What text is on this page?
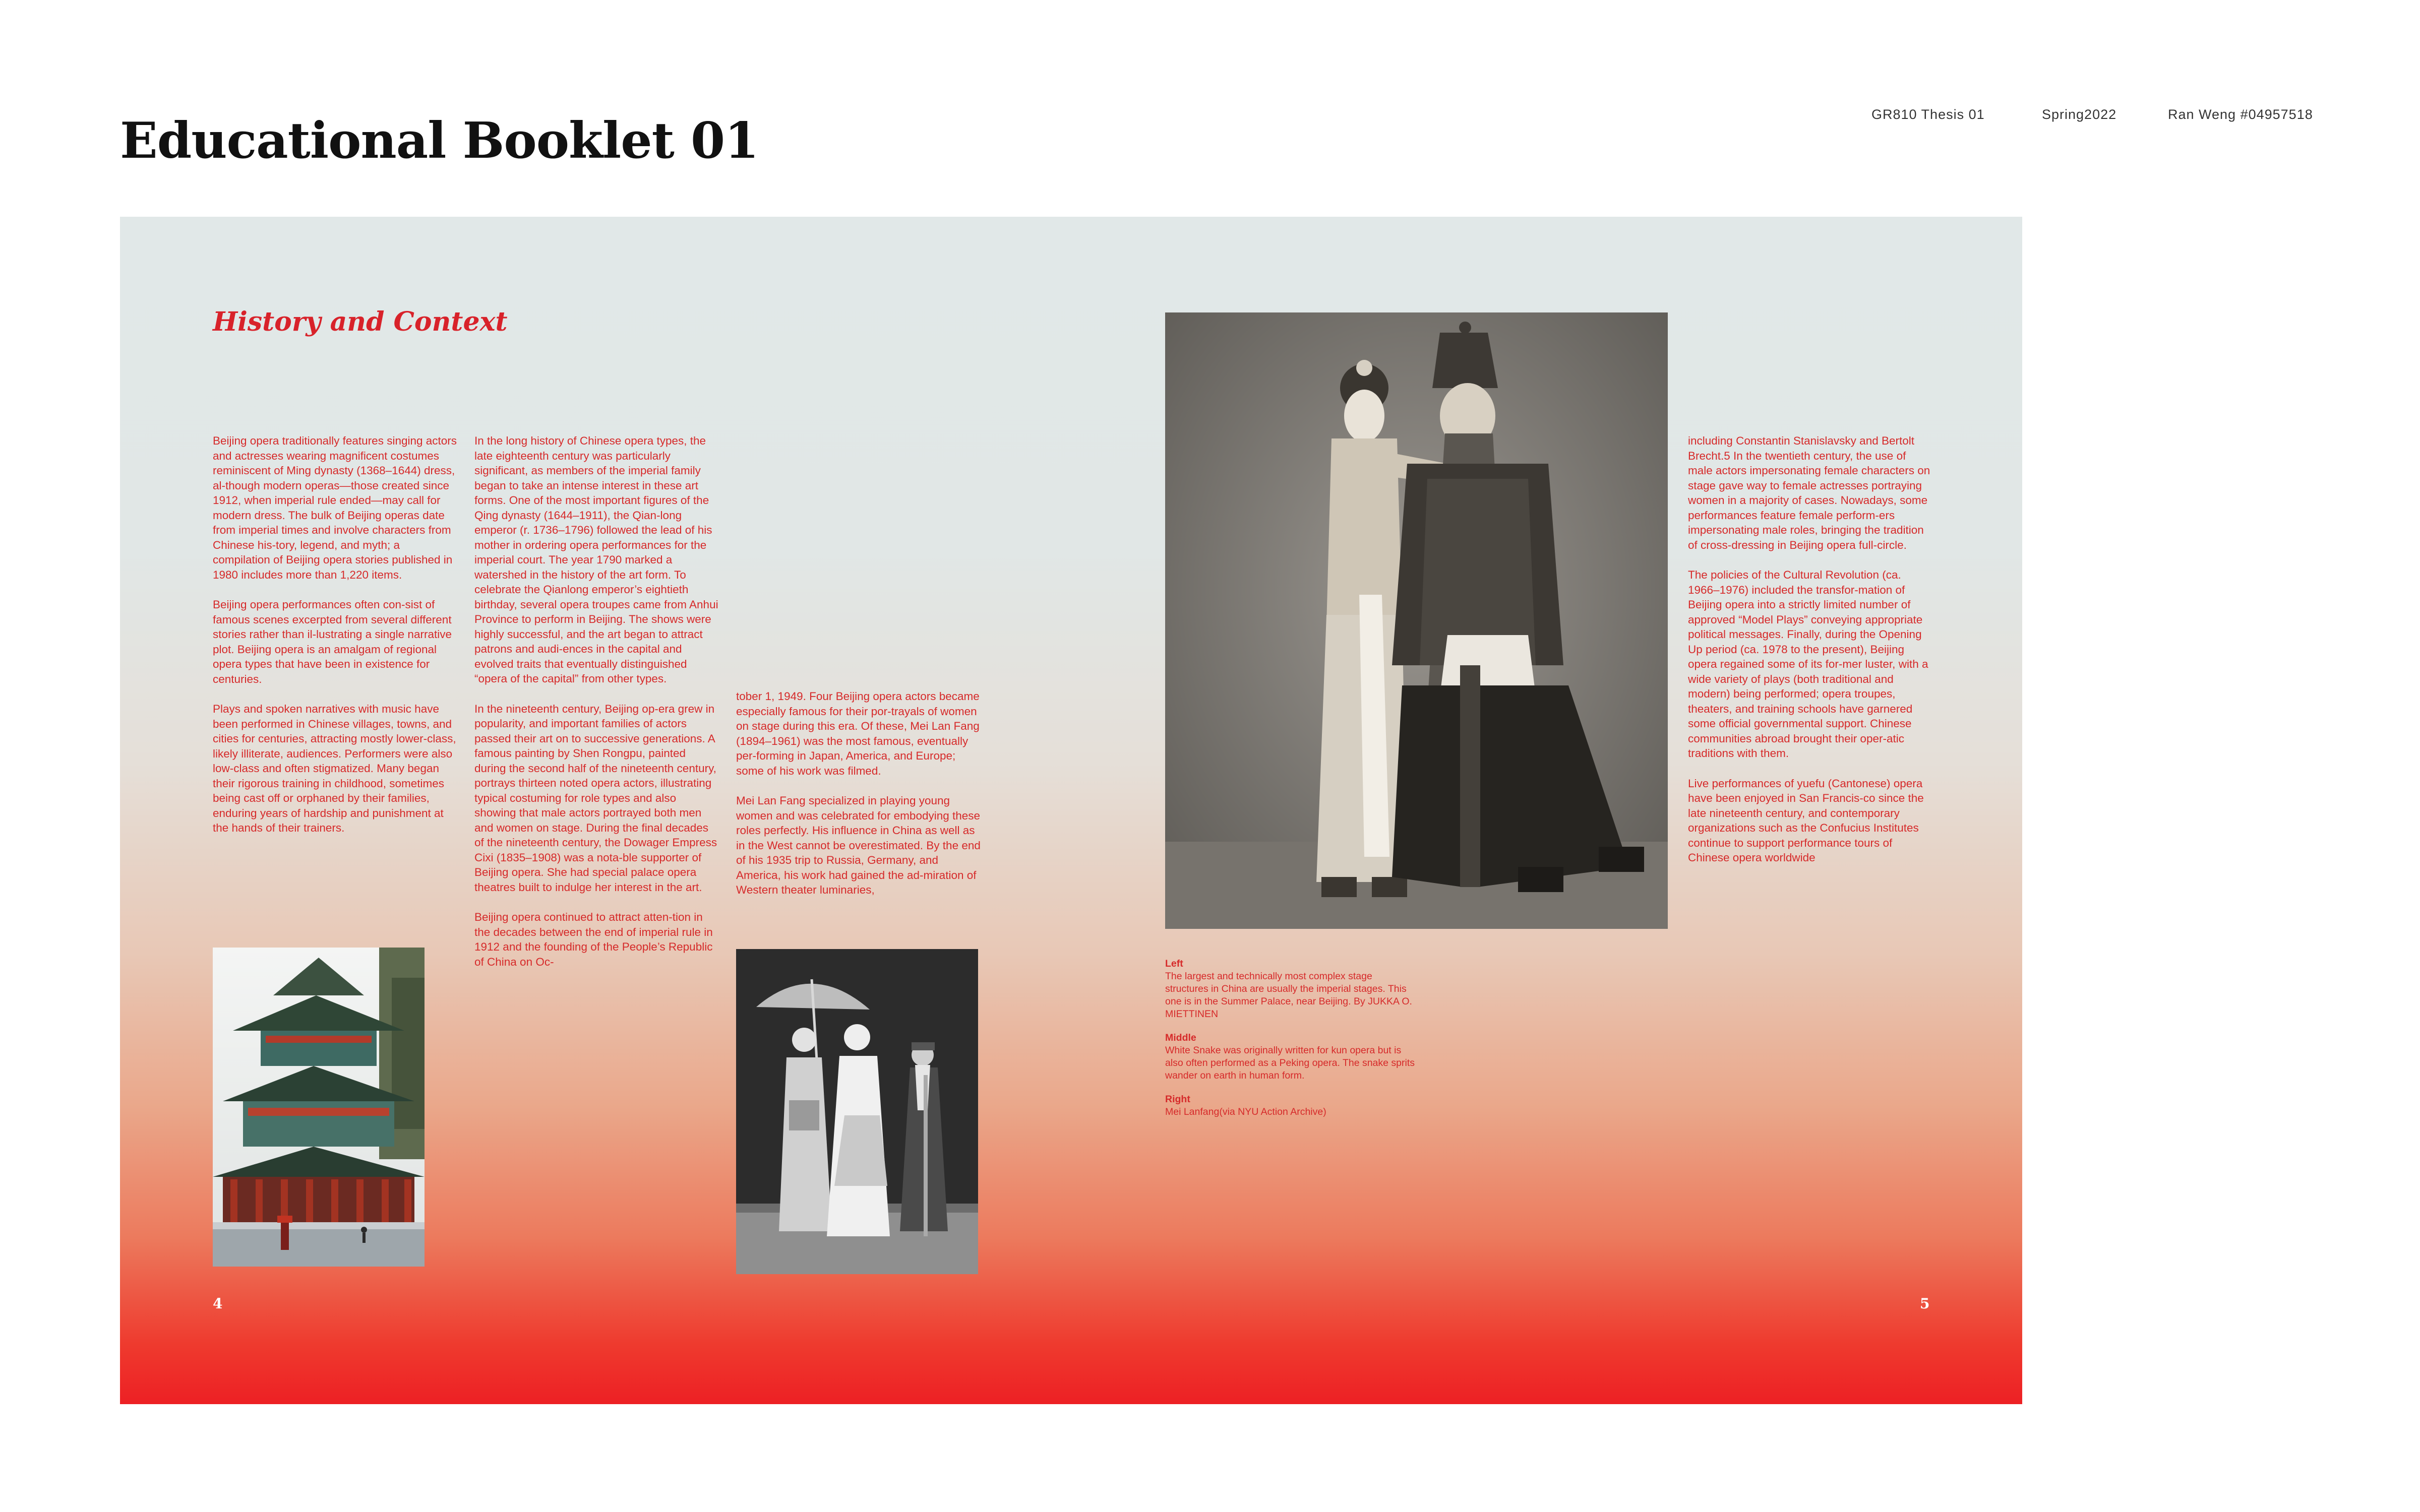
Educational Booklet 01	GR810 Thesis 01	Spring2022	Ran Weng #04957518
History and Context

Beijing opera traditionally features singing actors and actresses wearing magnificent costumes reminiscent of Ming dynasty (1368–1644) dress, al-though modern operas—those created since 1912, when imperial rule ended—may call for modern dress. The bulk of Beijing operas date from imperial times and involve characters from Chinese his-tory, legend, and myth; a compilation of Beijing opera stories published in 1980 includes more than 1,220 items.

Beijing opera performances often con-sist of famous scenes excerpted from several different stories rather than il-lustrating a single narrative plot. Beijing opera is an amalgam of regional opera types that have been in existence for centuries.

Plays and spoken narratives with music have been performed in Chinese villages, towns, and cities for centuries, attracting mostly lower-class, likely illiterate, audiences. Performers were also low-class and often stigmatized. Many began their rigorous training in childhood, sometimes being cast off or orphaned by their families, enduring years of hardship and punishment at the hands of their trainers.

In the long history of Chinese opera types, the late eighteenth century was particularly significant, as members of the imperial family began to take an intense interest in these art forms. One of the most important figures of the Qing dynasty (1644–1911), the Qian-long emperor (r. 1736–1796) followed the lead of his mother in ordering opera performances for the imperial court. The year 1790 marked a watershed in the history of the art form. To celebrate the Qianlong emperor’s eightieth birthday, several opera troupes came from Anhui Province to perform in Beijing. The shows were highly successful, and the art began to attract patrons and audi-ences in the capital and evolved traits that eventually distinguished “opera of the capital” from other types.

In the nineteenth century, Beijing op-era grew in popularity, and important families of actors passed their art on to successive generations. A famous painting by Shen Rongpu, painted during the second half of the nineteenth century, portrays thirteen noted opera actors, illustrating typical costuming for role types and also showing that male actors portrayed both men and women on stage. During the final decades of the nineteenth century, the Dowager Empress Cixi (1835–1908) was a nota-ble supporter of Beijing opera. She had special palace opera theatres built to indulge her interest in the art.

Beijing opera continued to attract atten-tion in the decades between the end of imperial rule in 1912 and the founding of the People’s Republic of China on Oc-

tober 1, 1949. Four Beijing opera actors became especially famous for their por-trayals of women on stage during this era. Of these, Mei Lan Fang (1894–1961) was the most famous, eventually per-forming in Japan, America, and Europe; some of his work was filmed.

Mei Lan Fang specialized in playing young women and was celebrated for embodying these roles perfectly. His influence in China as well as in the West cannot be overestimated. By the end of his 1935 trip to Russia, Germany, and America, his work had gained the ad-miration of Western theater luminaries,

including Constantin Stanislavsky and Bertolt Brecht.5 In the twentieth century, the use of male actors impersonating female characters on stage gave way to female actresses portraying women in a majority of cases. Nowadays, some performances feature female perform-ers impersonating male roles, bringing the tradition of cross-dressing in Beijing opera full-circle.

The policies of the Cultural Revolution (ca. 1966–1976) included the transfor-mation of Beijing opera into a strictly limited number of approved “Model Plays” conveying appropriate political messages. Finally, during the Opening Up period (ca. 1978 to the present), Beijing opera regained some of its for-mer luster, with a wide variety of plays (both traditional and modern) being performed; opera troupes, theaters, and training schools have garnered some official governmental support. Chinese communities abroad brought their oper-atic traditions with them.

Live performances of yuefu (Cantonese) opera have been enjoyed in San Francis-co since the late nineteenth century, and contemporary organizations such as the Confucius Institutes continue to support performance tours of Chinese opera worldwide

Left
The largest and technically most complex stage structures in China are usually the imperial stages. This one is in the Summer Palace, near Beijing. By JUKKA O. MIETTINEN
Middle
White Snake was originally written for kun opera but is also often performed as a Peking opera. The snake sprits wander on earth in human form.
Right
Mei Lanfang(via NYU Action Archive)
4	5
